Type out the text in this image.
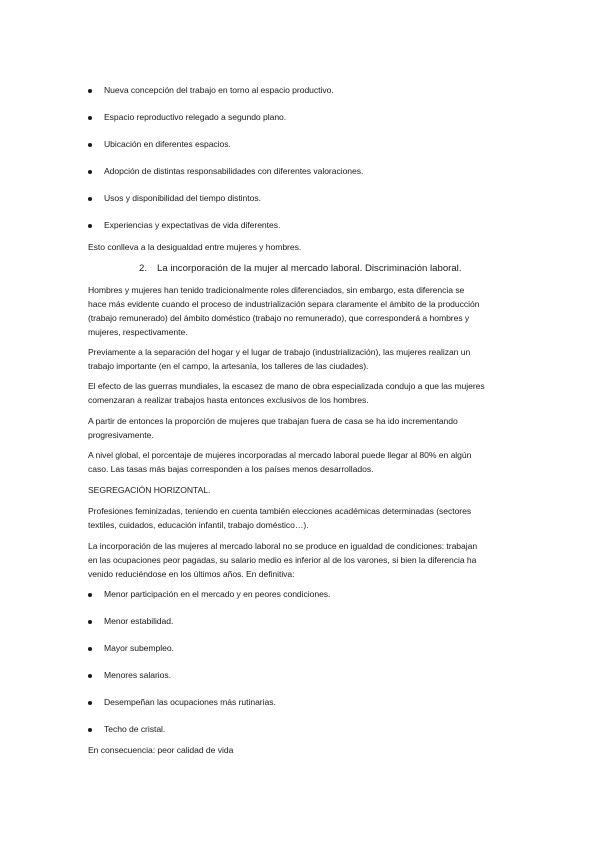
Nueva concepción del trabajo en torno al espacio productivo.
Espacio reproductivo relegado a segundo plano.
Ubicación en diferentes espacios.
Adopción de distintas responsabilidades con diferentes valoraciones.
Usos y disponibilidad del tiempo distintos.
Experiencias y expectativas de vida diferentes.
Esto conlleva a la desigualdad entre mujeres y hombres.
2. La incorporación de la mujer al mercado laboral. Discriminación laboral.
Hombres y mujeres han tenido tradicionalmente roles diferenciados, sin embargo, esta diferencia se
hace más evidente cuando el proceso de industrialización separa claramente el ámbito de la producción
(trabajo remunerado) del ámbito doméstico (trabajo no remunerado), que corresponderá a hombres y
mujeres, respectivamente.
Previamente a la separación del hogar y el lugar de trabajo (industrialización), las mujeres realizan un
trabajo importante (en el campo, la artesanía, los talleres de las ciudades).
El efecto de las guerras mundiales, la escasez de mano de obra especializada condujo a que las mujeres
comenzaran a realizar trabajos hasta entonces exclusivos de los hombres.
A partir de entonces la proporción de mujeres que trabajan fuera de casa se ha ido incrementando
progresivamente.
A nivel global, el porcentaje de mujeres incorporadas al mercado laboral puede llegar al 80% en algún
caso. Las tasas más bajas corresponden a los países menos desarrollados.
SEGREGACIÓN HORIZONTAL.
Profesiones feminizadas, teniendo en cuenta también elecciones académicas determinadas (sectores
textiles, cuidados, educación infantil, trabajo doméstico…).
La incorporación de las mujeres al mercado laboral no se produce en igualdad de condiciones: trabajan
en las ocupaciones peor pagadas, su salario medio es inferior al de los varones, si bien la diferencia ha
venido reduciéndose en los últimos años. En definitiva:
Menor participación en el mercado y en peores condiciones.
Menor estabilidad.
Mayor subempleo.
Menores salarios.
Desempeñan las ocupaciones más rutinarias.
Techo de cristal.
En consecuencia: peor calidad de vida
